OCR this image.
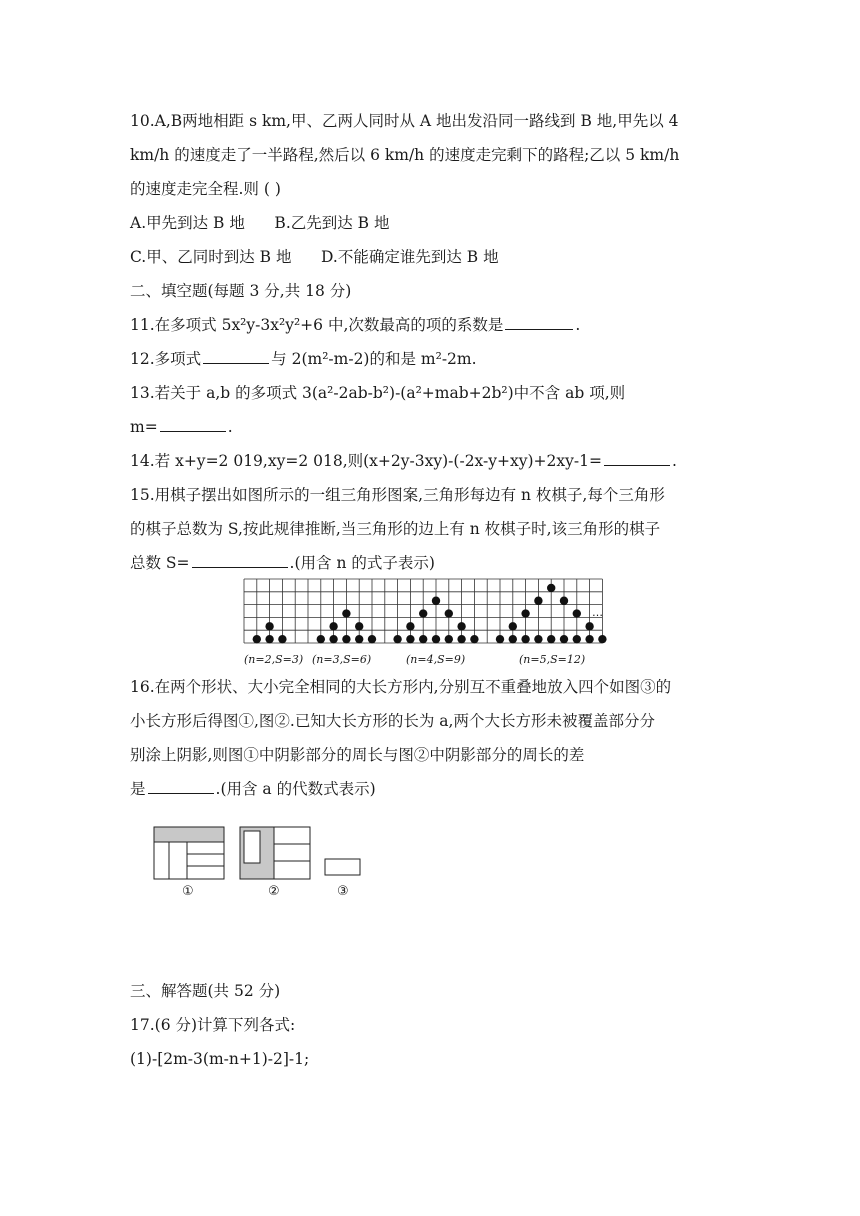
10.A,B两地相距 s km,甲、乙两人同时从 A 地出发沿同一路线到 B 地,甲先以 4
km/h 的速度走了一半路程,然后以 6 km/h 的速度走完剩下的路程;乙以 5 km/h
的速度走完全程.则 ( )
A.甲先到达 B 地      B.乙先到达 B 地
C.甲、乙同时到达 B 地      D.不能确定谁先到达 B 地
二、填空题(每题 3 分,共 18 分)
11.在多项式 5x²y-3x²y²+6 中,次数最高的项的系数是	.
12.多项式	与 2(m²-m-2)的和是 m²-2m.
13.若关于 a,b 的多项式 3(a²-2ab-b²)-(a²+mab+2b²)中不含 ab 项,则
m=	.
14.若 x+y=2 019,xy=2 018,则(x+2y-3xy)-(-2x-y+xy)+2xy-1=	.
15.用棋子摆出如图所示的一组三角形图案,三角形每边有 n 枚棋子,每个三角形
的棋子总数为 S,按此规律推断,当三角形的边上有 n 枚棋子时,该三角形的棋子
总数 S=	.(用含 n 的式子表示)
…
(n=2,S=3) (n=3,S=6)	(n=4,S=9)	(n=5,S=12)
16.在两个形状、大小完全相同的大长方形内,分别互不重叠地放入四个如图③的
小长方形后得图①,图②.已知大长方形的长为 a,两个大长方形未被覆盖部分分
别涂上阴影,则图①中阴影部分的周长与图②中阴影部分的周长的差
是	.(用含 a 的代数式表示)
①	②	③
三、解答题(共 52 分)
17.(6 分)计算下列各式:
(1)-[2m-3(m-n+1)-2]-1;
